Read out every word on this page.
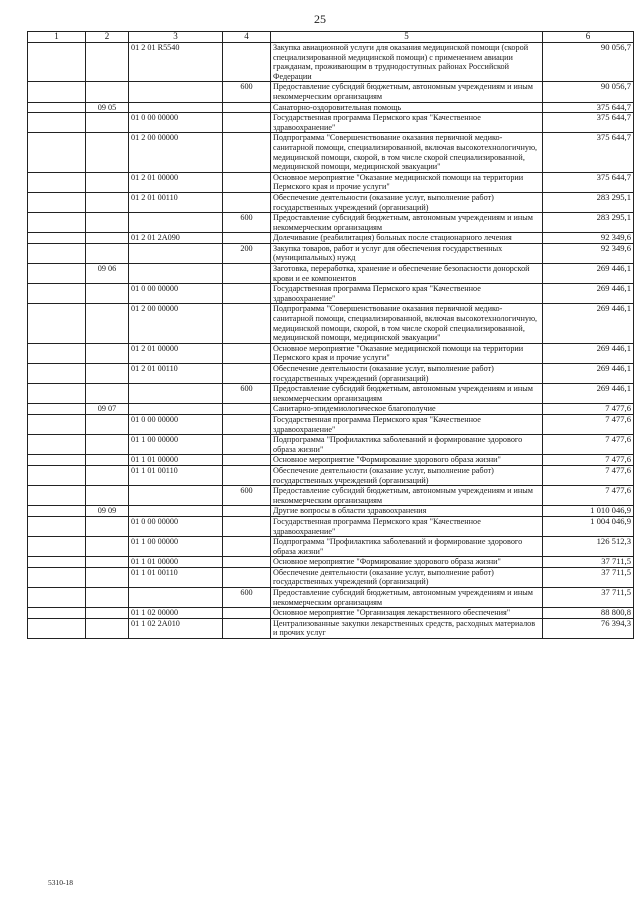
25
1	2	3	4	5	6
		01 2 01 R5540		Закупка авиационной услуги для оказания медицинской помощи (скорой специализированной медицинской помощи) с применением авиации гражданам, проживающим в труднодоступных районах Российской Федерации	90 056,7
			600	Предоставление субсидий бюджетным, автономным учреждениям и иным некоммерческим организациям	90 056,7
	09 05			Санаторно-оздоровительная помощь	375 644,7
		01 0 00 00000		Государственная программа Пермского края "Качественное здравоохранение"	375 644,7
		01 2 00 00000		Подпрограмма "Совершенствование оказания первичной медико-санитарной помощи, специализированной, включая высокотехнологичную, медицинской помощи, скорой, в том числе скорой специализированной, медицинской помощи, медицинской эвакуации"	375 644,7
		01 2 01 00000		Основное мероприятие "Оказание медицинской помощи на территории Пермского края и прочие услуги"	375 644,7
		01 2 01 00110		Обеспечение деятельности (оказание услуг, выполнение работ) государственных учреждений (организаций)	283 295,1
			600	Предоставление субсидий бюджетным, автономным учреждениям и иным некоммерческим организациям	283 295,1
		01 2 01 2А090		Долечивание (реабилитация) больных после стационарного лечения	92 349,6
			200	Закупка товаров, работ и услуг для обеспечения государственных (муниципальных) нужд	92 349,6
	09 06			Заготовка, переработка, хранение и обеспечение безопасности донорской крови и ее компонентов	269 446,1
		01 0 00 00000		Государственная программа Пермского края "Качественное здравоохранение"	269 446,1
		01 2 00 00000		Подпрограмма "Совершенствование оказания первичной медико-санитарной помощи, специализированной, включая высокотехнологичную, медицинской помощи, скорой, в том числе скорой специализированной, медицинской помощи, медицинской эвакуации"	269 446,1
		01 2 01 00000		Основное мероприятие "Оказание медицинской помощи на территории Пермского края и прочие услуги"	269 446,1
		01 2 01 00110		Обеспечение деятельности (оказание услуг, выполнение работ) государственных учреждений (организаций)	269 446,1
			600	Предоставление субсидий бюджетным, автономным учреждениям и иным некоммерческим организациям	269 446,1
	09 07			Санитарно-эпидемиологическое благополучие	7 477,6
		01 0 00 00000		Государственная программа Пермского края "Качественное здравоохранение"	7 477,6
		01 1 00 00000		Подпрограмма "Профилактика заболеваний и формирование здорового образа жизни"	7 477,6
		01 1 01 00000		Основное мероприятие "Формирование здорового образа жизни"	7 477,6
		01 1 01 00110		Обеспечение деятельности (оказание услуг, выполнение работ) государственных учреждений (организаций)	7 477,6
			600	Предоставление субсидий бюджетным, автономным учреждениям и иным некоммерческим организациям	7 477,6
	09 09			Другие вопросы в области здравоохранения	1 010 046,9
		01 0 00 00000		Государственная программа Пермского края "Качественное здравоохранение"	1 004 046,9
		01 1 00 00000		Подпрограмма "Профилактика заболеваний и формирование здорового образа жизни"	126 512,3
		01 1 01 00000		Основное мероприятие "Формирование здорового образа жизни"	37 711,5
		01 1 01 00110		Обеспечение деятельности (оказание услуг, выполнение работ) государственных учреждений (организаций)	37 711,5
			600	Предоставление субсидий бюджетным, автономным учреждениям и иным некоммерческим организациям	37 711,5
		01 1 02 00000		Основное мероприятие "Организация лекарственного обеспечения"	88 800,8
		01 1 02 2А010		Централизованные закупки лекарственных средств, расходных материалов и прочих услуг	76 394,3
5310-18
